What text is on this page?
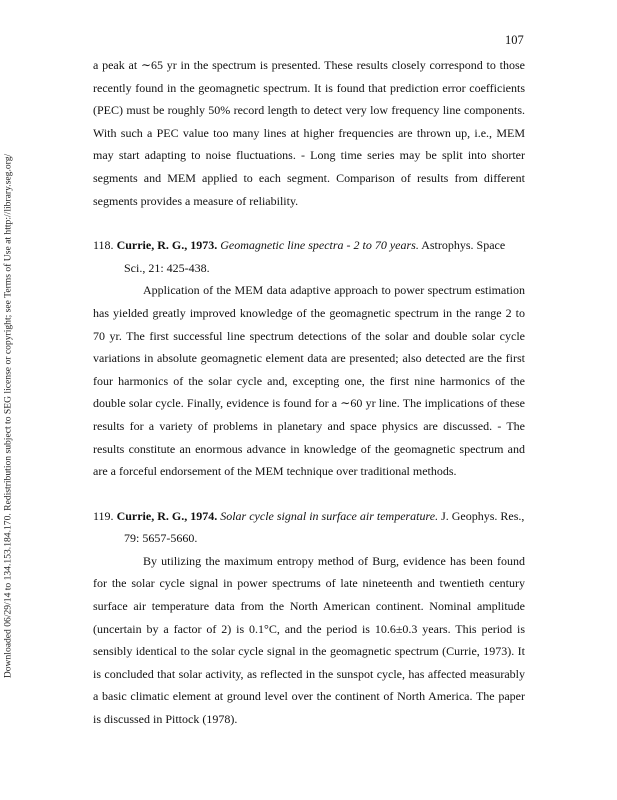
107
Downloaded 06/29/14 to 134.153.184.170. Redistribution subject to SEG license or copyright; see Terms of Use at http://library.seg.org/

a peak at ∼65 yr in the spectrum is presented. These results closely correspond to those recently found in the geomagnetic spectrum. It is found that prediction error coefficients (PEC) must be roughly 50% record length to detect very low frequency line components. With such a PEC value too many lines at higher frequencies are thrown up, i.e., MEM may start adapting to noise fluctuations. - Long time series may be split into shorter segments and MEM applied to each segment. Comparison of results from different segments provides a measure of reliability.

118. Currie, R. G., 1973. Geomagnetic line spectra - 2 to 70 years. Astrophys. Space Sci., 21: 425-438.

Application of the MEM data adaptive approach to power spectrum estimation has yielded greatly improved knowledge of the geomagnetic spectrum in the range 2 to 70 yr. The first successful line spectrum detections of the solar and double solar cycle variations in absolute geomagnetic element data are presented; also detected are the first four harmonics of the solar cycle and, excepting one, the first nine harmonics of the double solar cycle. Finally, evidence is found for a ∼60 yr line. The implications of these results for a variety of problems in planetary and space physics are discussed. - The results constitute an enormous advance in knowledge of the geomagnetic spectrum and are a forceful endorsement of the MEM technique over traditional methods.

119. Currie, R. G., 1974. Solar cycle signal in surface air temperature. J. Geophys. Res., 79: 5657-5660.

By utilizing the maximum entropy method of Burg, evidence has been found for the solar cycle signal in power spectrums of late nineteenth and twentieth century surface air temperature data from the North American continent. Nominal amplitude (uncertain by a factor of 2) is 0.1°C, and the period is 10.6±0.3 years. This period is sensibly identical to the solar cycle signal in the geomagnetic spectrum (Currie, 1973). It is concluded that solar activity, as reflected in the sunspot cycle, has affected measurably a basic climatic element at ground level over the continent of North America. The paper is discussed in Pittock (1978).
